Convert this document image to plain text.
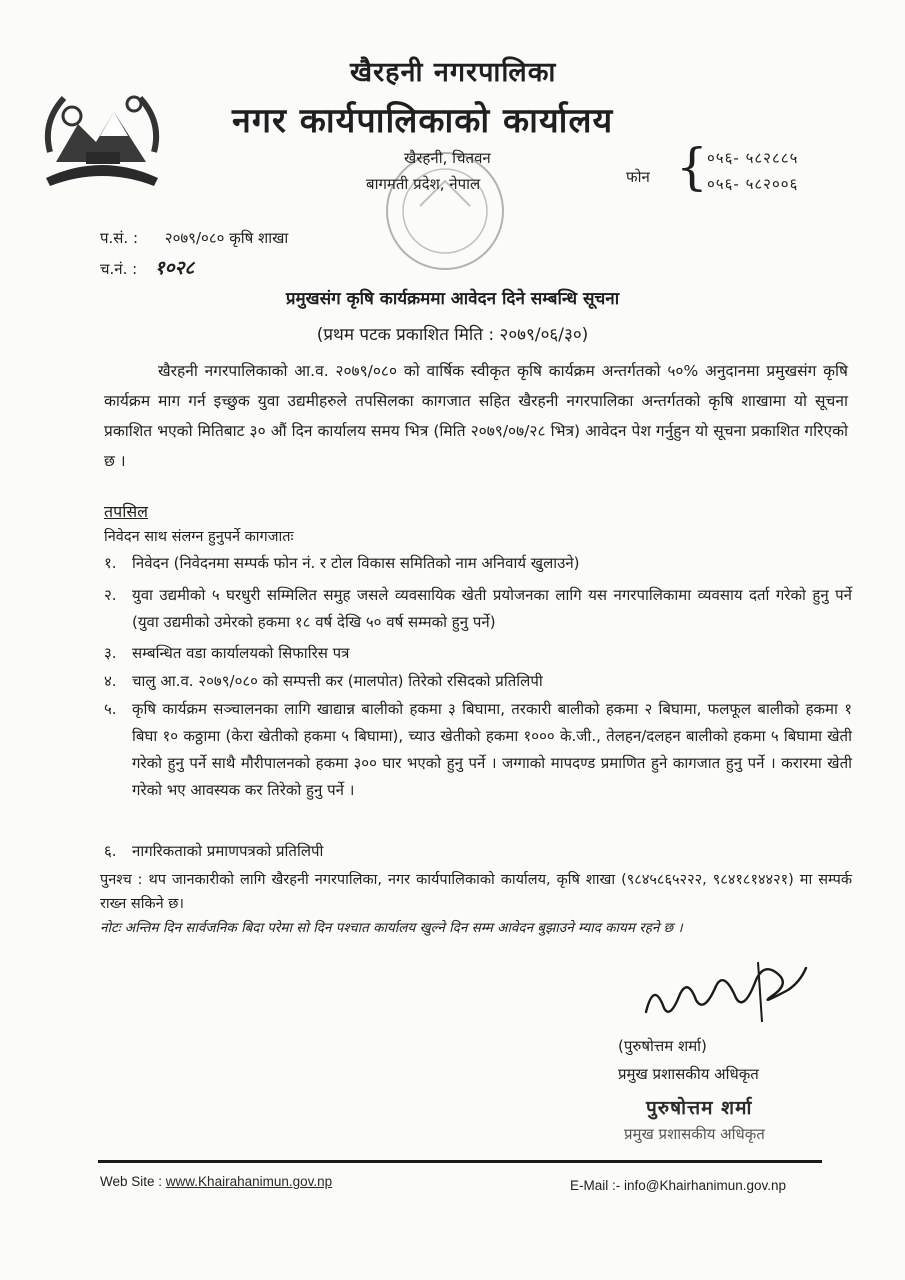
खैरहनी नगरपालिका
नगर कार्यपालिकाको कार्यालय
खैरहनी, चितवन
बागमती प्रदेश, नेपाल	फोन { ०५६- ५८२८८५
०५६- ५८२००६
प.सं. : २०७९/०८० कृषि शाखा
च.नं. : १०२८
प्रमुखसंग कृषि कार्यक्रममा आवेदन दिने सम्बन्धि सूचना
(प्रथम पटक प्रकाशित मिति : २०७९/०६/३०)
खैरहनी नगरपालिकाको आ.व. २०७९/०८० को वार्षिक स्वीकृत कृषि कार्यक्रम अन्तर्गतको ५०% अनुदानमा प्रमुखसंग कृषि कार्यक्रम माग गर्न इच्छुक युवा उद्यमीहरुले तपसिलका कागजात सहित खैरहनी नगरपालिका अन्तर्गतको कृषि शाखामा यो सूचना प्रकाशित भएको मितिबाट ३० औं दिन कार्यालय समय भित्र (मिति २०७९/०७/२८ भित्र) आवेदन पेश गर्नुहुन यो सूचना प्रकाशित गरिएको छ ।
तपसिल
निवेदन साथ संलग्न हुनुपर्ने कागजातः
१. निवेदन (निवेदनमा सम्पर्क फोन नं. र टोल विकास समितिको नाम अनिवार्य खुलाउने)
२. युवा उद्यमीको ५ घरधुरी सम्मिलित समुह जसले व्यवसायिक खेती प्रयोजनका लागि यस नगरपालिकामा व्यवसाय दर्ता गरेको हुनु पर्ने (युवा उद्यमीको उमेरको हकमा १८ वर्ष देखि ५० वर्ष सम्मको हुनु पर्ने)
३. सम्बन्धित वडा कार्यालयको सिफारिस पत्र
४. चालु आ.व. २०७९/०८० को सम्पत्ती कर (मालपोत) तिरेको रसिदको प्रतिलिपी
५. कृषि कार्यक्रम सञ्चालनका लागि खाद्यान्न बालीको हकमा ३ बिघामा, तरकारी बालीको हकमा २ बिघामा, फलफूल बालीको हकमा १ बिघा १० कठ्ठामा (केरा खेतीको हकमा ५ बिघामा), च्याउ खेतीको हकमा १००० के.जी., तेलहन/दलहन बालीको हकमा ५ बिघामा खेती गरेको हुनु पर्ने साथै मौरीपालनको हकमा ३०० घार भएको हुनु पर्ने । जग्गाको मापदण्ड प्रमाणित हुने कागजात हुनु पर्ने । करारमा खेती गरेको भए आवस्यक कर तिरेको हुनु पर्ने ।
६. नागरिकताको प्रमाणपत्रको प्रतिलिपी
पुनश्च : थप जानकारीको लागि खैरहनी नगरपालिका, नगर कार्यपालिकाको कार्यालय, कृषि शाखा (९८४५८६५२२२, ९८४१८१४४२१) मा सम्पर्क राख्न सकिने छ।
नोटः अन्तिम दिन सार्वजनिक बिदा परेमा सो दिन पश्चात कार्यालय खुल्ने दिन सम्म आवेदन बुझाउने म्याद कायम रहने छ ।
(पुरुषोत्तम शर्मा)
प्रमुख प्रशासकीय अधिकृत
पुरुषोत्तम शर्मा
प्रमुख प्रशासकीय अधिकृत
Web Site : www.Khairahanimun.gov.np	E-Mail :- info@Khairhanimun.gov.np
